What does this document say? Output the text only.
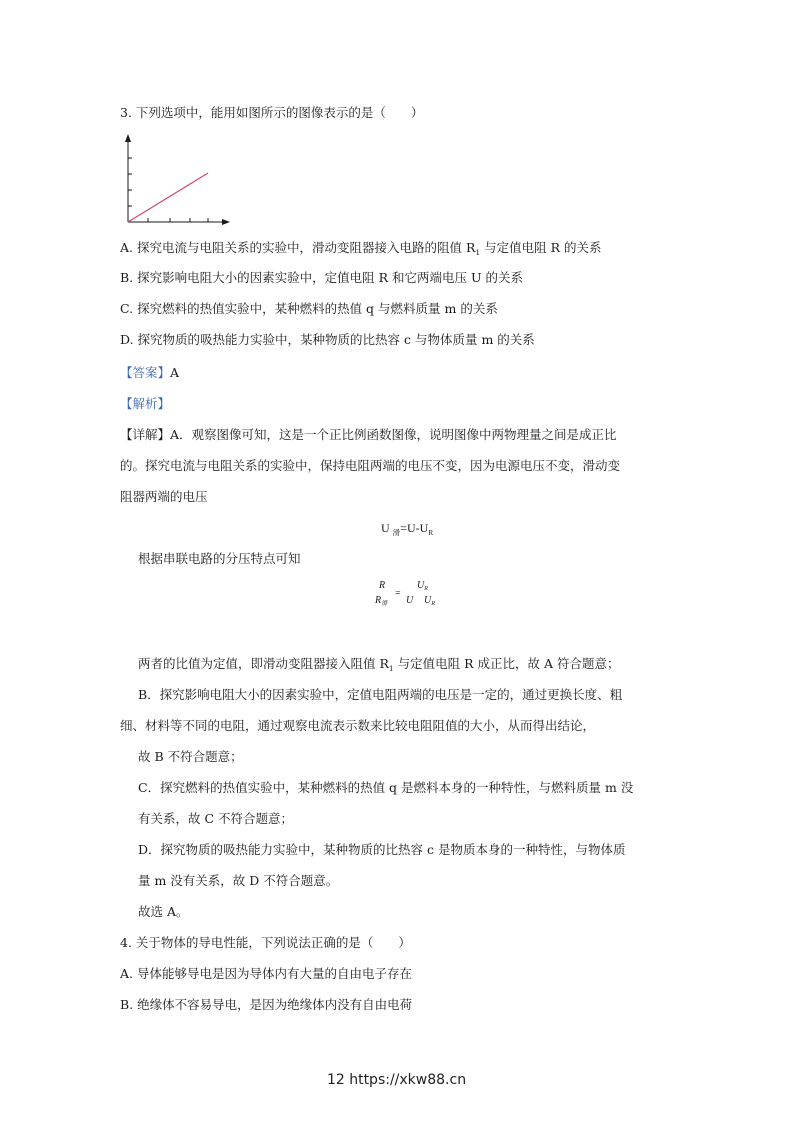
3. 下列选项中，能用如图所示的图像表示的是（　　）
A. 探究电流与电阻关系的实验中，滑动变阻器接入电路的阻值 $R_1$ 与定值电阻 R 的关系
B. 探究影响电阻大小的因素实验中，定值电阻 R 和它两端电压 U 的关系
C. 探究燃料的热值实验中，某种燃料的热值 q 与燃料质量 m 的关系
D. 探究物质的吸热能力实验中，某种物质的比热容 c 与物体质量 m 的关系
【答案】A
【解析】
【详解】A．观察图像可知，这是一个正比例函数图像，说明图像中两物理量之间是成正比
的。探究电流与电阻关系的实验中，保持电阻两端的电压不变，因为电源电压不变，滑动变
阻器两端的电压
U $_滑=U-U_R$
根据串联电路的分压特点可知
R
$R_滑$
=
$U_R$
U $U_R$
两者的比值为定值，即滑动变阻器接入阻值 $R_1$ 与定值电阻 R 成正比，故 A 符合题意；
B．探究影响电阻大小的因素实验中，定值电阻两端的电压是一定的，通过更换长度、粗
细、材料等不同的电阻，通过观察电流表示数来比较电阻阻值的大小，从而得出结论，
故 B 不符合题意；
C．探究燃料的热值实验中，某种燃料的热值 q 是燃料本身的一种特性，与燃料质量 m 没
有关系，故 C 不符合题意；
D．探究物质的吸热能力实验中，某种物质的比热容 c 是物质本身的一种特性，与物体质
量 m 没有关系，故 D 不符合题意。
故选 A。
4. 关于物体的导电性能，下列说法正确的是（　　）
A. 导体能够导电是因为导体内有大量的自由电子存在
B. 绝缘体不容易导电，是因为绝缘体内没有自由电荷
12 https://xkw88.cn
